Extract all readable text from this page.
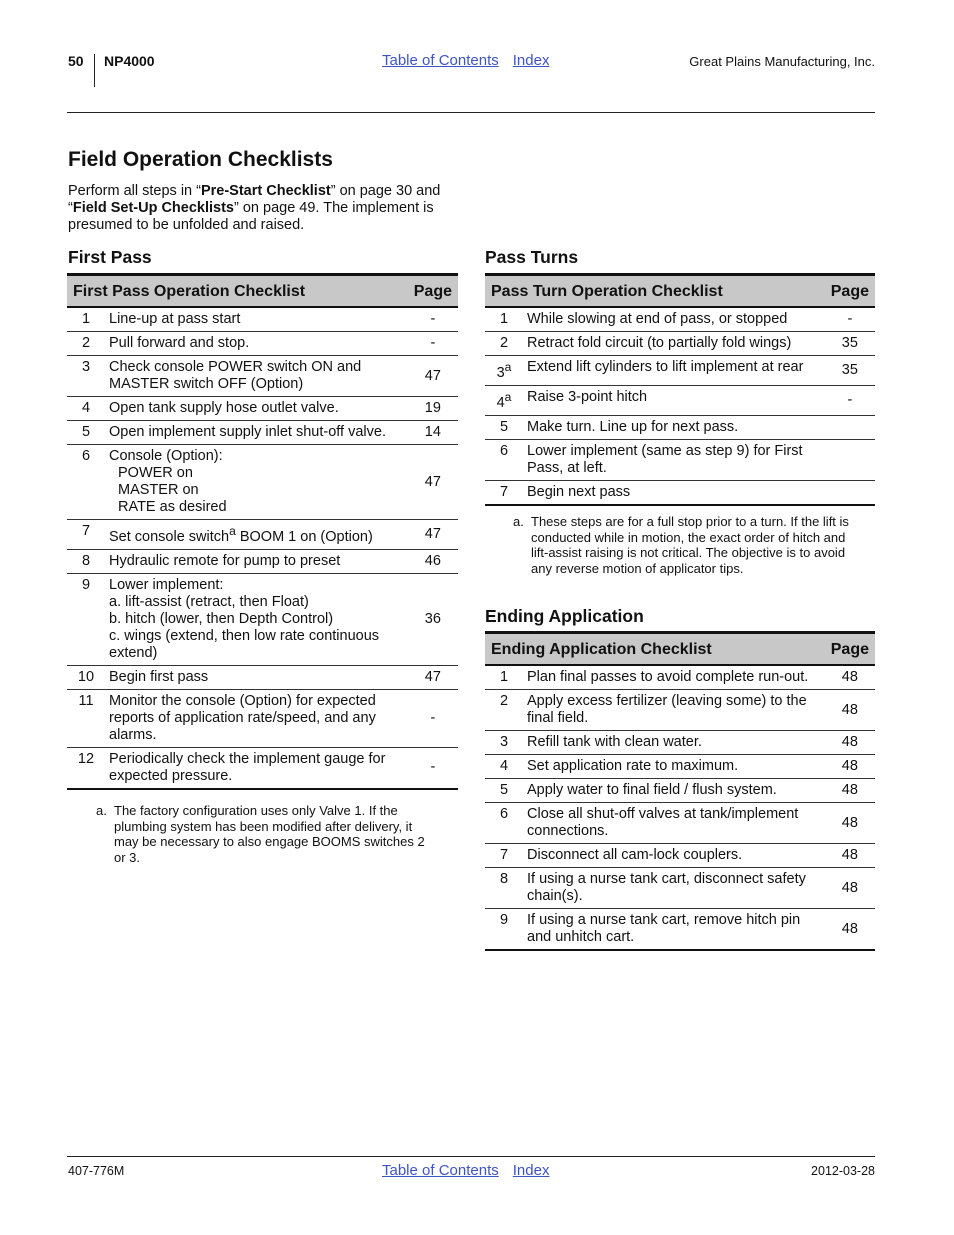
50 NP4000	Table of Contents Index	Great Plains Manufacturing, Inc.
Field Operation Checklists

Perform all steps in “Pre-Start Checklist” on page 30 and “Field Set-Up Checklists” on page 49. The implement is presumed to be unfolded and raised.

First Pass
First Pass Operation Checklist		Page
1	Line-up at pass start	-
2	Pull forward and stop.	-
3	Check console POWER switch ON and MASTER switch OFF (Option)	47
4	Open tank supply hose outlet valve.	19
5	Open implement supply inlet shut-off valve.	14
6	Console (Option):
POWER on
MASTER on
RATE as desired	47
7	Set console switch$^a$ BOOM 1 on (Option)	47
8	Hydraulic remote for pump to preset	46
9	Lower implement:
a. lift-assist (retract, then Float)
b. hitch (lower, then Depth Control)
c. wings (extend, then low rate continuous
extend)	36
10	Begin first pass	47
11	Monitor the console (Option) for expected reports of application rate/speed, and any alarms.	-
12	Periodically check the implement gauge for expected pressure.	-

a. The factory configuration uses only Valve 1. If the plumbing system has been modified after delivery, it may be necessary to also engage BOOMS switches 2 or 3.

Pass Turns
Pass Turn Operation Checklist		Page
1	While slowing at end of pass, or stopped	-
2	Retract fold circuit (to partially fold wings)	35
3$^a$	Extend lift cylinders to lift implement at rear	35
4$^a$	Raise 3-point hitch	-
5	Make turn. Line up for next pass.	
6	Lower implement (same as step 9) for First Pass, at left.	
7	Begin next pass	

a. These steps are for a full stop prior to a turn. If the lift is conducted while in motion, the exact order of hitch and lift-assist raising is not critical. The objective is to avoid any reverse motion of applicator tips.

Ending Application
Ending Application Checklist		Page
1	Plan final passes to avoid complete run-out.	48
2	Apply excess fertilizer (leaving some) to the final field.	48
3	Refill tank with clean water.	48
4	Set application rate to maximum.	48
5	Apply water to final field / flush system.	48
6	Close all shut-off valves at tank/implement connections.	48
7	Disconnect all cam-lock couplers.	48
8	If using a nurse tank cart, disconnect safety chain(s).	48
9	If using a nurse tank cart, remove hitch pin and unhitch cart.	48
407-776M	Table of Contents Index	2012-03-28
